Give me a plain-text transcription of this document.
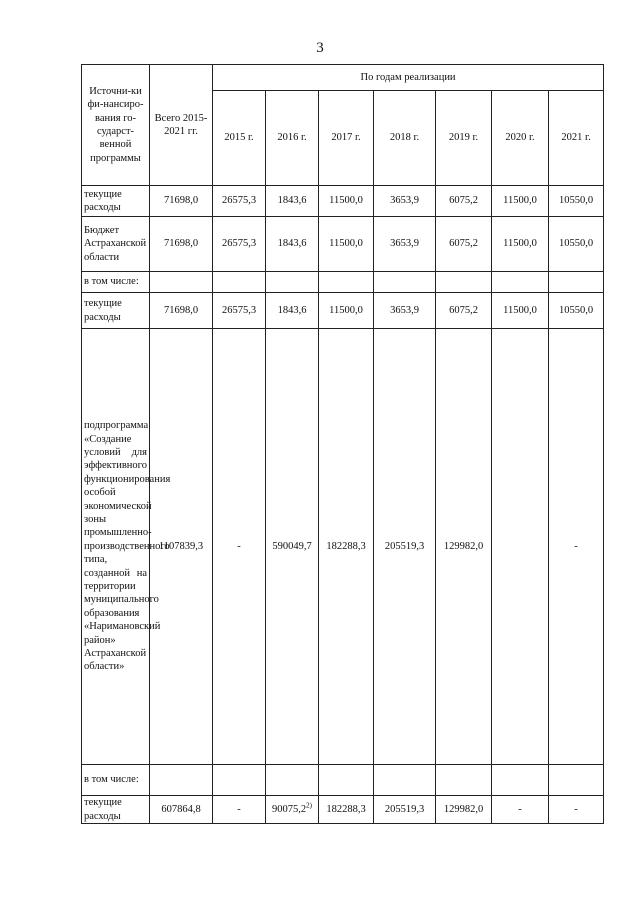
3
Источни-ки фи-нансиро-вания го-сударст-венной программы	Всего 2015-2021 гг.	По годам реализации						
		2015 г.	2016 г.	2017 г.	2018 г.	2019 г.	2020 г.	2021 г.
текущие расходы	71698,0	26575,3	1843,6	11500,0	3653,9	6075,2	11500,0	10550,0
Бюджет Астраханской области	71698,0	26575,3	1843,6	11500,0	3653,9	6075,2	11500,0	10550,0
в том числе:								
текущие расходы	71698,0	26575,3	1843,6	11500,0	3653,9	6075,2	11500,0	10550,0
подпрограмма «Создание условий для эффективного функционирования особой экономической зоны промышленно-производственного типа, созданной на территории муниципального образования «Наримановский район» Астраханской области»	1107839,3	-	590049,7	182288,3	205519,3	129982,0		-
в том числе:								
текущие расходы	607864,8	-	90075,2$^{2)}$	182288,3	205519,3	129982,0	-	-
